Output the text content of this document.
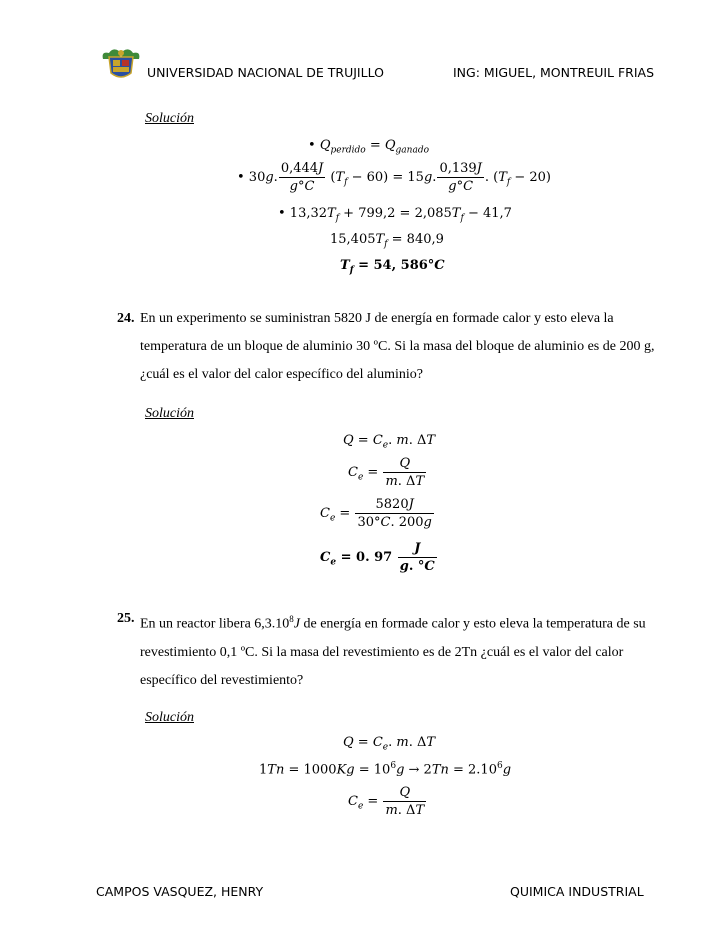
UNIVERSIDAD NACIONAL DE TRUJILLO	ING: MIGUEL, MONTREUIL FRIAS
Solución
• $Q_{perdido} = Q_{ganado}$
• 30g. $\frac{0,444J}{g^\circ C} (T_f - 60) = 15g$. $\frac{0,139J}{g^\circ C}$ . $(T_f - 20)$
• $13,32T_f + 799,2 = 2,085T_f - 41,7$
$15,405T_f = 840,9$
$T_f = 54$, 586°C
24. En un experimento se suministran 5820 J de energía en formade calor y esto eleva la temperatura de un bloque de aluminio 30 ºC. Si la masa del bloque de aluminio es de 200 g, ¿cuál es el valor del calor específico del aluminio?
Solución
$Q = C_e$. m. ΔT
$C_e = \frac{Q}{m. \Delta T}$
$C_e = \frac{5820J}{30^\circ C. 200g}$
$C_e = 0$. $97 \frac{J}{g. ^\circ C}$
25. En un reactor libera 6,3.10$^8$J de energía en formade calor y esto eleva la temperatura de su revestimiento 0,1 ºC. Si la masa del revestimiento es de 2Tn ¿cuál es el valor del calor específico del revestimiento?
Solución
$Q = C_e$. m. ΔT
$1Tn = 1000Kg = 10^6g \to 2Tn = 2.10^6g$
$C_e = \frac{Q}{m. \Delta T}$
CAMPOS VASQUEZ, HENRY	QUIMICA INDUSTRIAL
